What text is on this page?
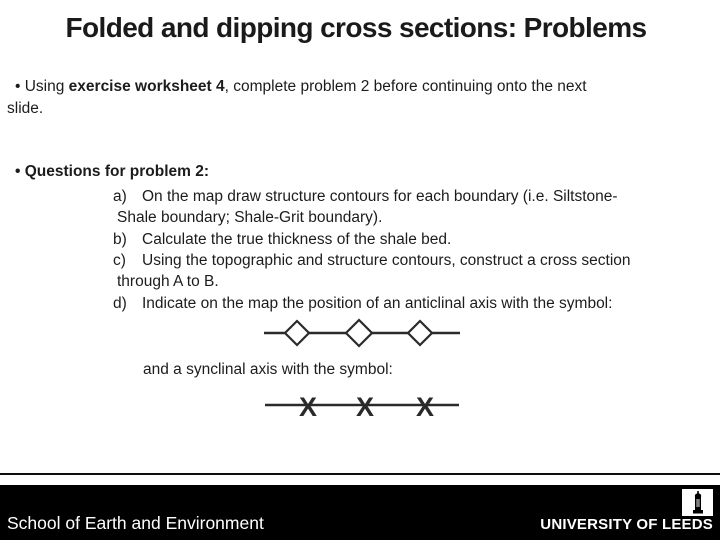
Folded and dipping cross sections: Problems
• Using exercise worksheet 4, complete problem 2 before continuing onto the next
slide.
• Questions for problem 2:
a) On the map draw structure contours for each boundary (i.e. Siltstone-
Shale boundary; Shale-Grit boundary).
b) Calculate the true thickness of the shale bed.
c) Using the topographic and structure contours, construct a cross section
through A to B.
d) Indicate on the map the position of an anticlinal axis with the symbol:
and a synclinal axis with the symbol:
X X X
School of Earth and Environment	UNIVERSITY OF LEEDS
